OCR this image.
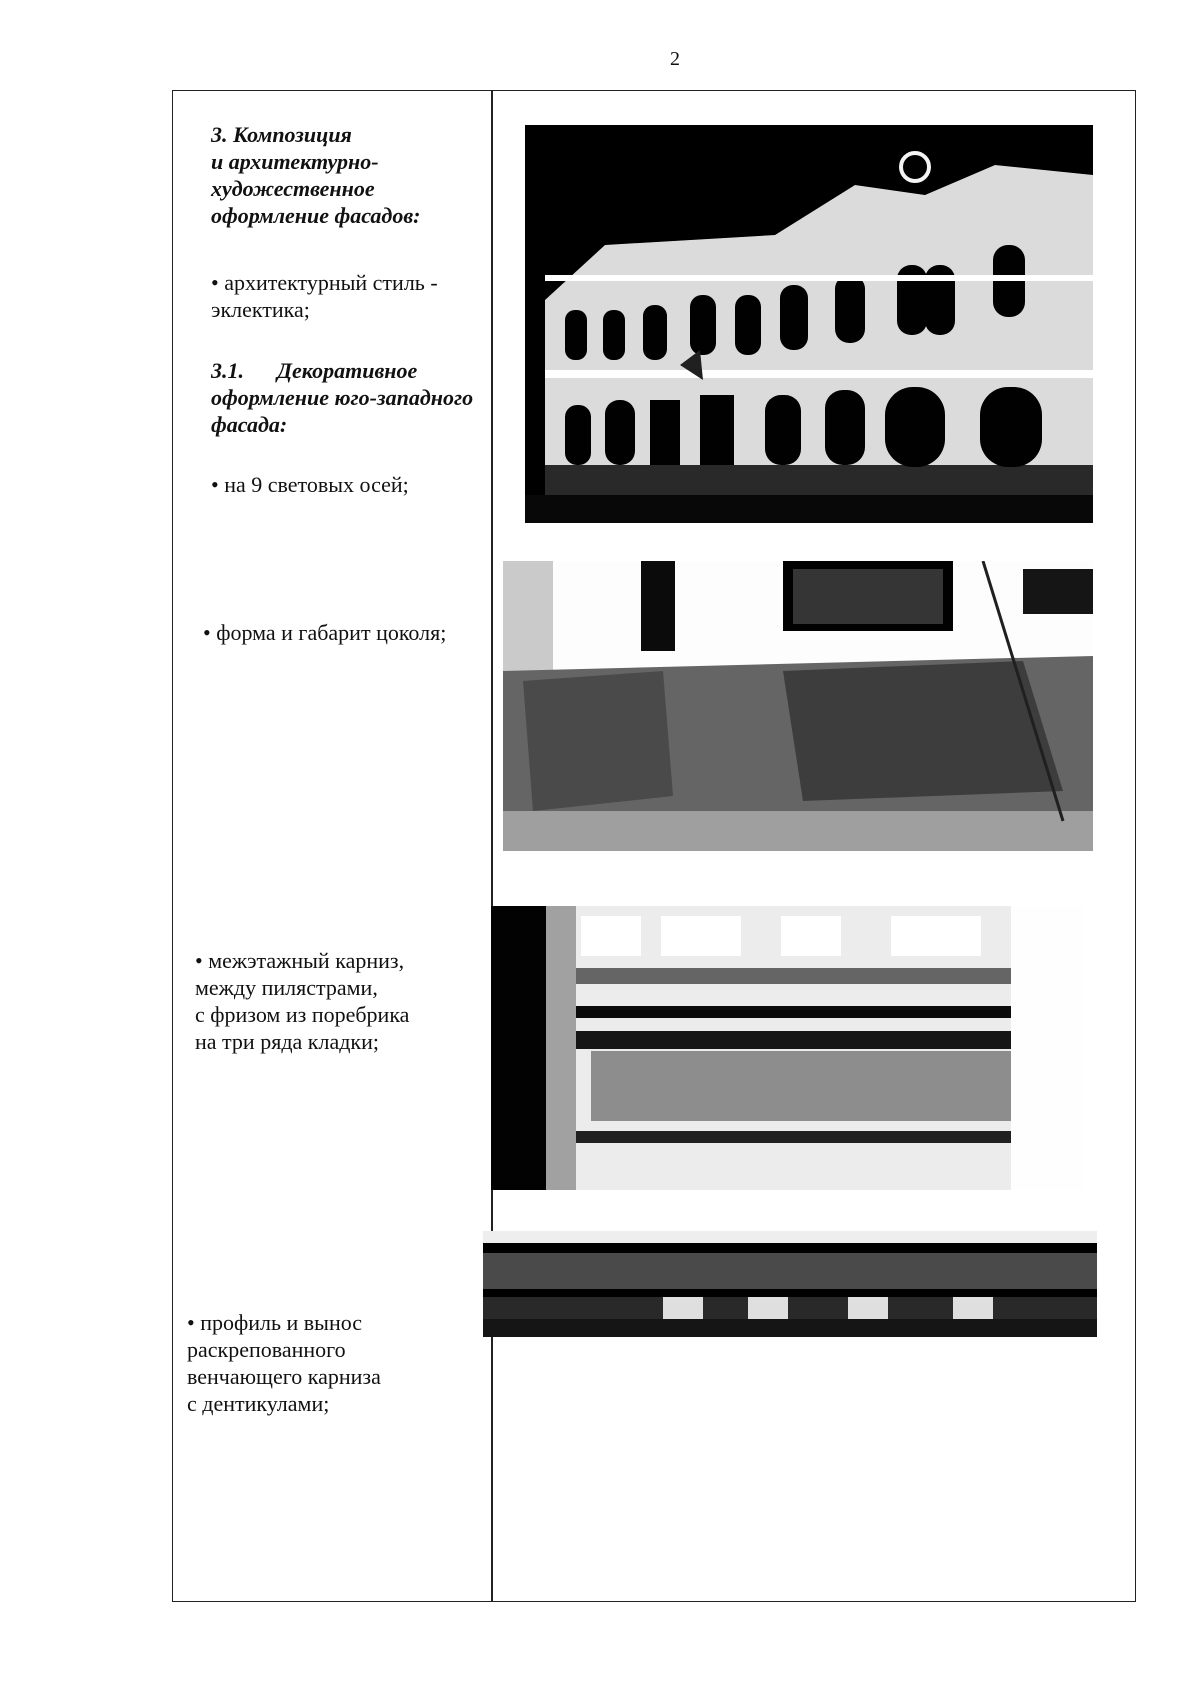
2
3. Композиция
и архитектурно-
художественное
оформление фасадов:
• архитектурный стиль -
эклектика;
3.1.      Декоративное
оформление юго-западного
фасада:
• на 9 световых осей;
• форма и габарит цоколя;
• межэтажный карниз,
между пилястрами,
с фризом из поребрика
на три ряда кладки;
• профиль и вынос
раскрепованного
венчающего карниза
с дентикулами;
